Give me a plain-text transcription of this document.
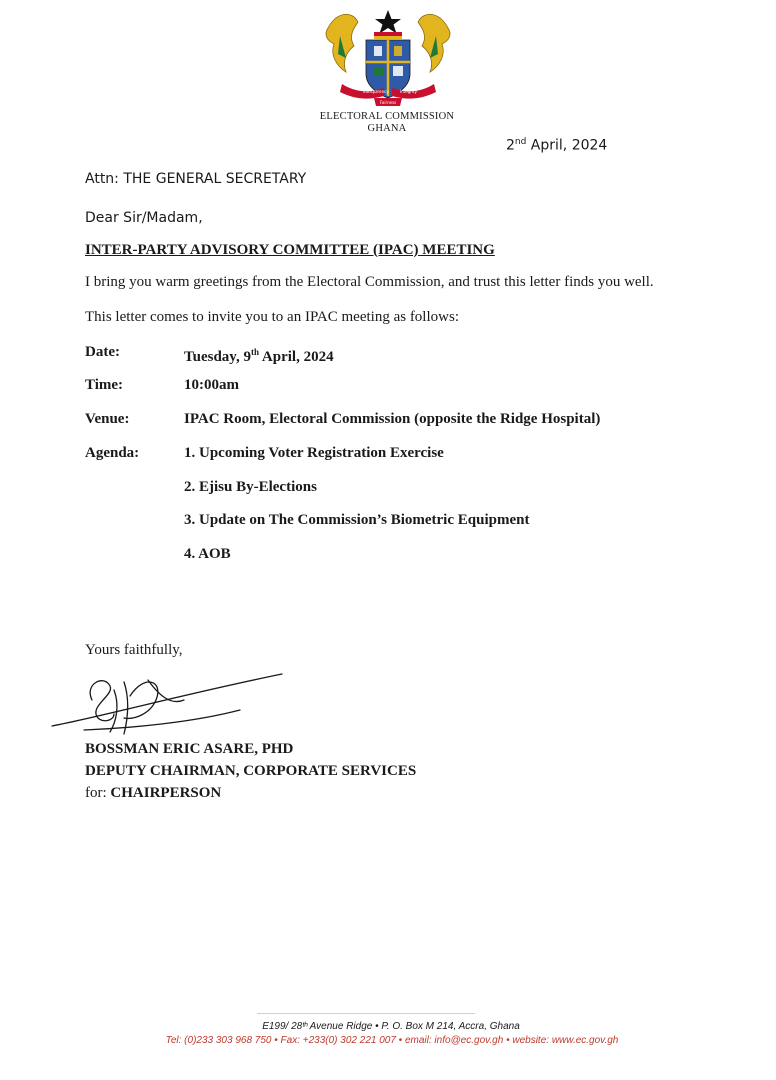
Transparency	Integrity
Fairness
ELECTORAL COMMISSION
GHANA
2nd April, 2024
Attn: THE GENERAL SECRETARY
Dear Sir/Madam,
INTER-PARTY ADVISORY COMMITTEE (IPAC) MEETING
I bring you warm greetings from the Electoral Commission, and trust this letter finds you well.
This letter comes to invite you to an IPAC meeting as follows:
Date:	Tuesday, 9th April, 2024
Time:	10:00am
Venue:	IPAC Room, Electoral Commission (opposite the Ridge Hospital)
Agenda:	1. Upcoming Voter Registration Exercise
2. Ejisu By-Elections
3. Update on The Commission’s Biometric Equipment
4. AOB
Yours faithfully,
BOSSMAN ERIC ASARE, PHD
DEPUTY CHAIRMAN, CORPORATE SERVICES
for: CHAIRPERSON
E199/ 28ᵗʰ Avenue Ridge • P. O. Box M 214, Accra, Ghana
Tel: (0)233 303 968 750 • Fax: +233(0) 302 221 007 • email: info@ec.gov.gh • website: www.ec.gov.gh
